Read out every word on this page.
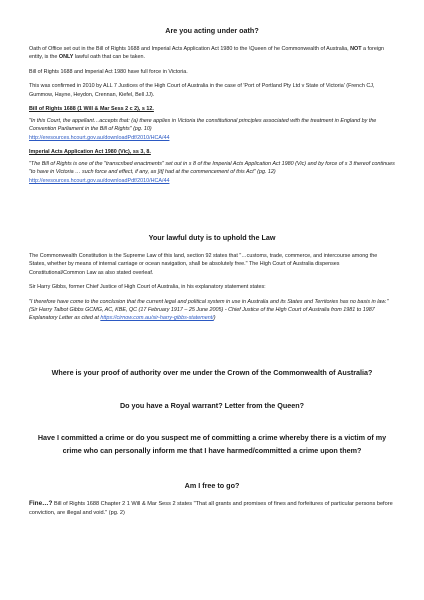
Are you acting under oath?

Oath of Office set out in the Bill of Rights 1688 and Imperial Acts Application Act 1980 to the \Queen of he Commonwealth of Australia, NOT a foreign entity, is the ONLY lawful oath that can be taken.

Bill of Rights 1688 and Imperial Act 1980 have full force in Victoria.

This was confirmed in 2010 by ALL 7 Justices of the High Court of Australia in the case of 'Port of Portland Pty Ltd v State of Victoria' (French CJ, Gummow, Hayne, Heydon, Crennan, Kiefel, Bell JJ).

Bill of Rights 1688 (1 Will & Mar Sess 2 c 2), s 12.

"In this Court, the appellant…accepts that: (a) there applies in Victoria the constitutional principles associated with the treatment in England by the Convention Parliament in the Bill of Rights" (pg. 10)

http://eresources.hcourt.gov.au/downloadPdf/2010/HCA/44

Imperial Acts Application Act 1980 (Vic), ss 3, 8.

"The Bill of Rights is one of the "transcribed enactments" set out in s 8 of the Imperial Acts Application Act 1980 (Vic) and by force of s 3 thereof continues "to have in Victoria … such force and effect, if any, as [it] had at the commencement of this Act" (pg. 12) http://eresources.hcourt.gov.au/downloadPdf/2010/HCA/44

Your lawful duty is to uphold the Law

The Commonwealth Constitution is the Supreme Law of this land, section 92 states that "…customs, trade, commerce, and intercourse among the States, whether by means of internal carriage or ocean navigation, shall be absolutely free." The High Court of Australia dispenses Constitutional/Common Law as also stated overleaf.

Sir Harry Gibbs, former Chief Justice of High Court of Australia, in his explanatory statement states:

"I therefore have come to the conclusion that the current legal and political system in use in Australia and its States and Territories has no basis in law." (Sir Harry Talbot Gibbs GCMG, AC, KBE, QC (17 February 1917 – 25 June 2005) - Chief Justice of the High Court of Australia from 1981 to 1987 Explanatory Letter as cited at https://cirnow.com.au/sir-harry-gibbs-statement/)

Where is your proof of authority over me under the Crown of the Commonwealth of Australia?

Do you have a Royal warrant? Letter from the Queen?

Have I committed a crime or do you suspect me of committing a crime whereby there is a victim of my crime who can personally inform me that I have harmed/committed a crime upon them?

Am I free to go?

Fine…? Bill of Rights 1688 Chapter 2 1 Will & Mar Sess 2 states "That all grants and promises of fines and forfeitures of particular persons before conviction, are illegal and void." (pg. 2)
